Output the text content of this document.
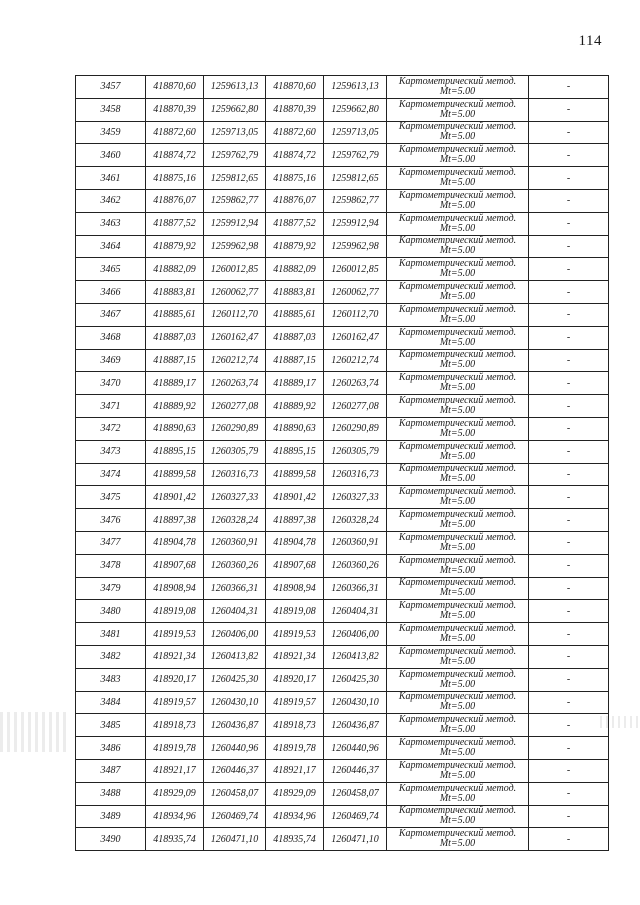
114
3457	418870,60	1259613,13	418870,60	1259613,13	Картометрический метод.
Mt=5.00	-
3458	418870,39	1259662,80	418870,39	1259662,80	Картометрический метод.
Mt=5.00	-
3459	418872,60	1259713,05	418872,60	1259713,05	Картометрический метод.
Mt=5.00	-
3460	418874,72	1259762,79	418874,72	1259762,79	Картометрический метод.
Mt=5.00	-
3461	418875,16	1259812,65	418875,16	1259812,65	Картометрический метод.
Mt=5.00	-
3462	418876,07	1259862,77	418876,07	1259862,77	Картометрический метод.
Mt=5.00	-
3463	418877,52	1259912,94	418877,52	1259912,94	Картометрический метод.
Mt=5.00	-
3464	418879,92	1259962,98	418879,92	1259962,98	Картометрический метод.
Mt=5.00	-
3465	418882,09	1260012,85	418882,09	1260012,85	Картометрический метод.
Mt=5.00	-
3466	418883,81	1260062,77	418883,81	1260062,77	Картометрический метод.
Mt=5.00	-
3467	418885,61	1260112,70	418885,61	1260112,70	Картометрический метод.
Mt=5.00	-
3468	418887,03	1260162,47	418887,03	1260162,47	Картометрический метод.
Mt=5.00	-
3469	418887,15	1260212,74	418887,15	1260212,74	Картометрический метод.
Mt=5.00	-
3470	418889,17	1260263,74	418889,17	1260263,74	Картометрический метод.
Mt=5.00	-
3471	418889,92	1260277,08	418889,92	1260277,08	Картометрический метод.
Mt=5.00	-
3472	418890,63	1260290,89	418890,63	1260290,89	Картометрический метод.
Mt=5.00	-
3473	418895,15	1260305,79	418895,15	1260305,79	Картометрический метод.
Mt=5.00	-
3474	418899,58	1260316,73	418899,58	1260316,73	Картометрический метод.
Mt=5.00	-
3475	418901,42	1260327,33	418901,42	1260327,33	Картометрический метод.
Mt=5.00	-
3476	418897,38	1260328,24	418897,38	1260328,24	Картометрический метод.
Mt=5.00	-
3477	418904,78	1260360,91	418904,78	1260360,91	Картометрический метод.
Mt=5.00	-
3478	418907,68	1260360,26	418907,68	1260360,26	Картометрический метод.
Mt=5.00	-
3479	418908,94	1260366,31	418908,94	1260366,31	Картометрический метод.
Mt=5.00	-
3480	418919,08	1260404,31	418919,08	1260404,31	Картометрический метод.
Mt=5.00	-
3481	418919,53	1260406,00	418919,53	1260406,00	Картометрический метод.
Mt=5.00	-
3482	418921,34	1260413,82	418921,34	1260413,82	Картометрический метод.
Mt=5.00	-
3483	418920,17	1260425,30	418920,17	1260425,30	Картометрический метод.
Mt=5.00	-
3484	418919,57	1260430,10	418919,57	1260430,10	Картометрический метод.
Mt=5.00	-
3485	418918,73	1260436,87	418918,73	1260436,87	Картометрический метод.
Mt=5.00	-
3486	418919,78	1260440,96	418919,78	1260440,96	Картометрический метод.
Mt=5.00	-
3487	418921,17	1260446,37	418921,17	1260446,37	Картометрический метод.
Mt=5.00	-
3488	418929,09	1260458,07	418929,09	1260458,07	Картометрический метод.
Mt=5.00	-
3489	418934,96	1260469,74	418934,96	1260469,74	Картометрический метод.
Mt=5.00	-
3490	418935,74	1260471,10	418935,74	1260471,10	Картометрический метод.
Mt=5.00	-
